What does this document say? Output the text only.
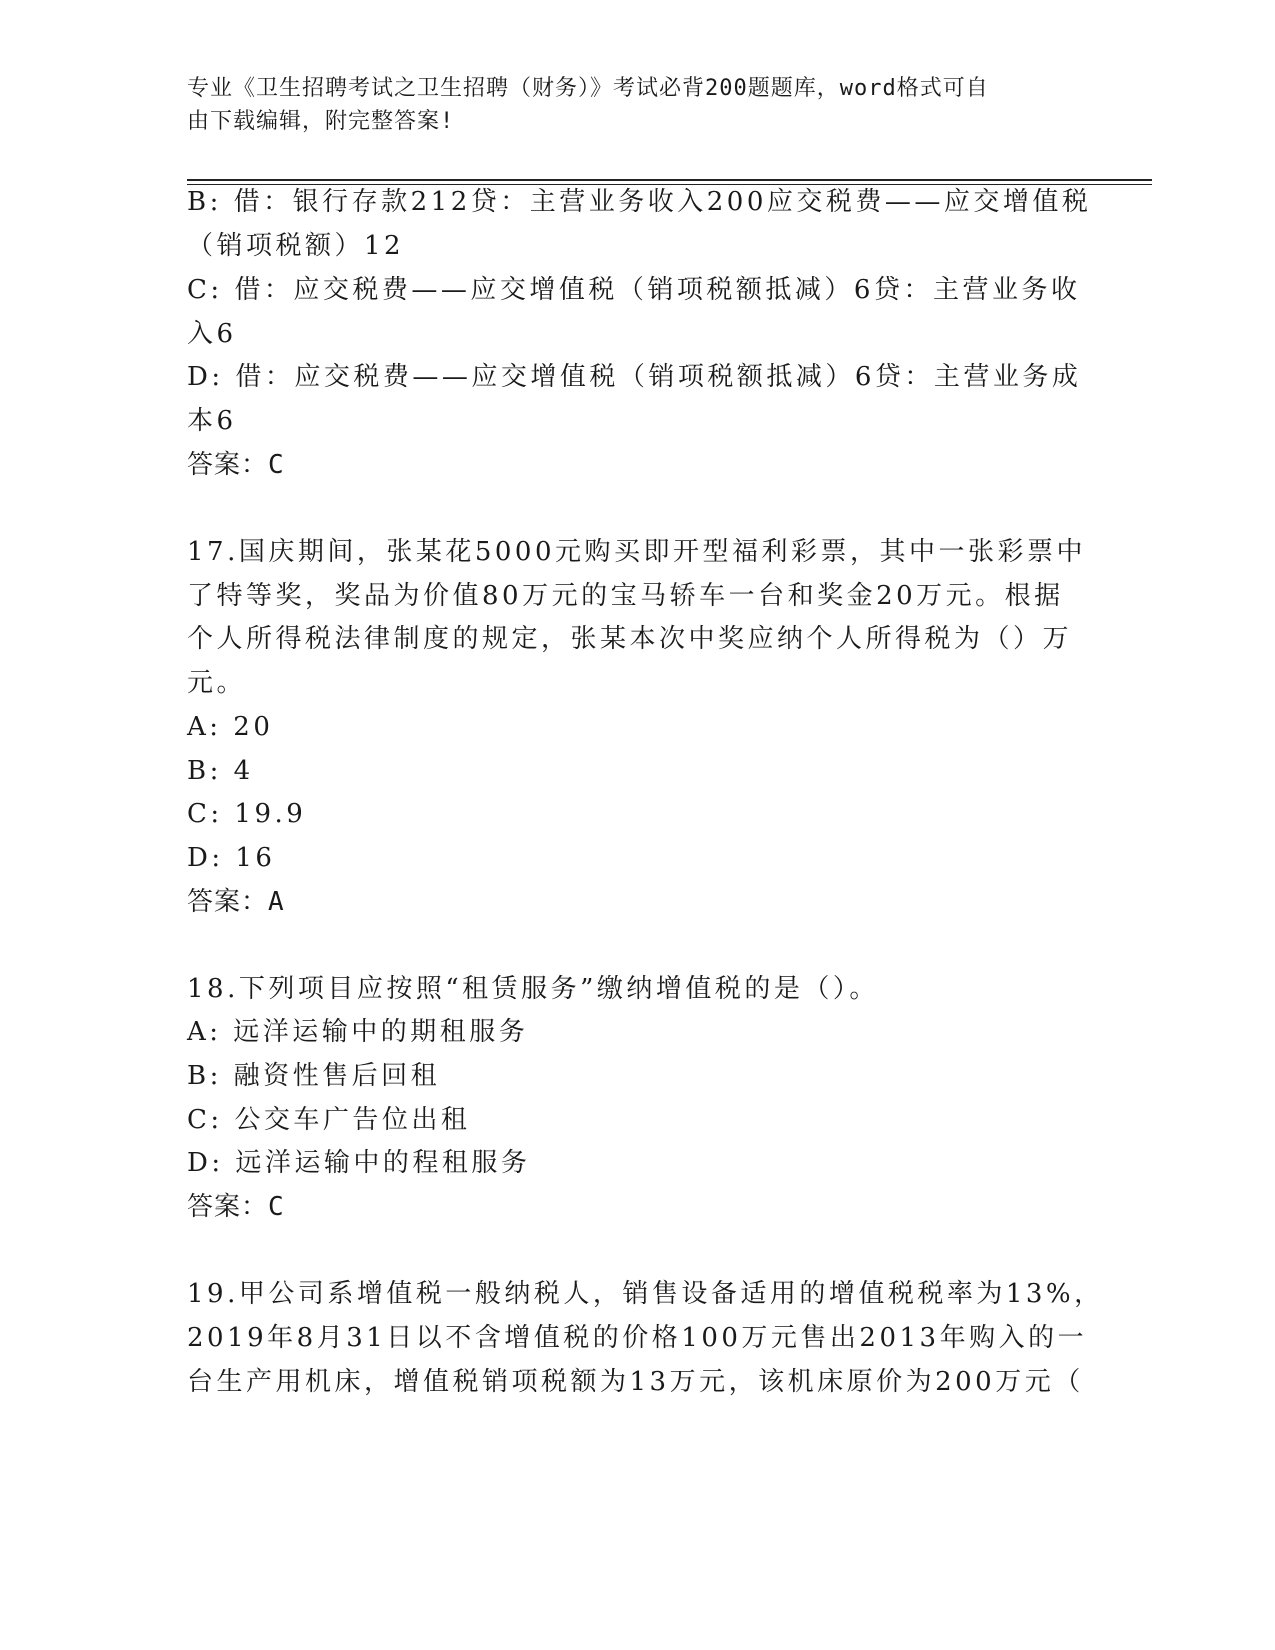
专业《卫生招聘考试之卫生招聘（财务）》考试必背200题题库，word格式可自
由下载编辑，附完整答案!
B: 借：银行存款212贷：主营业务收入200应交税费——应交增值税
（销项税额）12
C: 借：应交税费——应交增值税（销项税额抵减）6贷：主营业务收
入6
D: 借：应交税费——应交增值税（销项税额抵减）6贷：主营业务成
本6
答案：C
17.国庆期间，张某花5000元购买即开型福利彩票，其中一张彩票中
了特等奖，奖品为价值80万元的宝马轿车一台和奖金20万元。根据
个人所得税法律制度的规定，张某本次中奖应纳个人所得税为（）万
元。
A: 20
B: 4
C: 19.9
D: 16
答案：A
18.下列项目应按照“租赁服务”缴纳增值税的是（）。
A: 远洋运输中的期租服务
B: 融资性售后回租
C: 公交车广告位出租
D: 远洋运输中的程租服务
答案：C
19.甲公司系增值税一般纳税人，销售设备适用的增值税税率为13%，
2019年8月31日以不含增值税的价格100万元售出2013年购入的一
台生产用机床，增值税销项税额为13万元，该机床原价为200万元（
